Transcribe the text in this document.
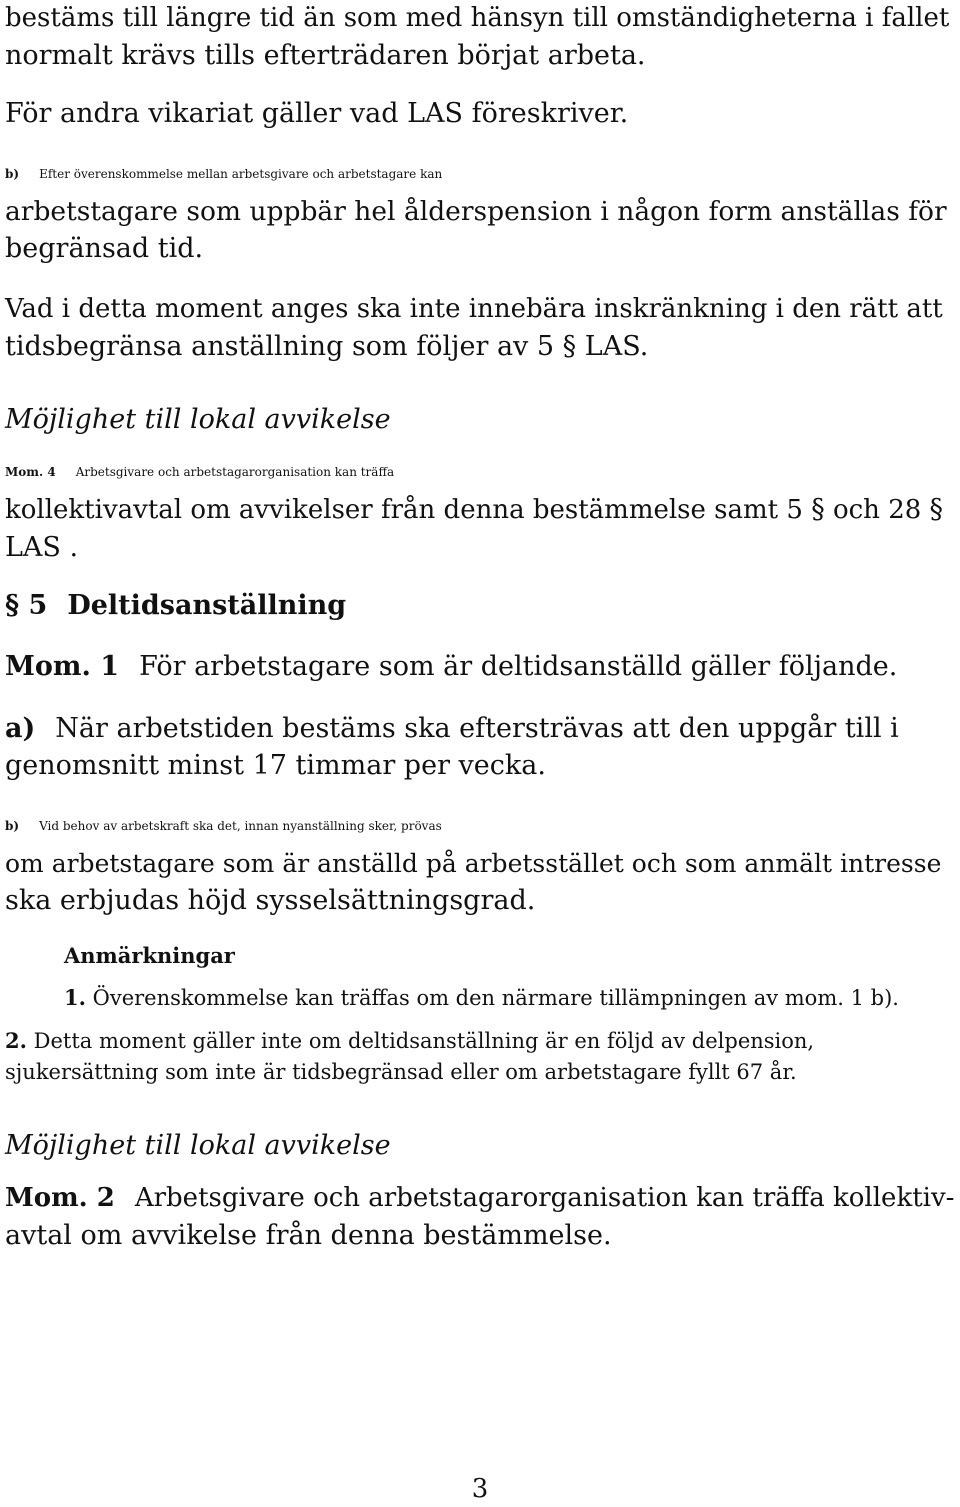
bestäms till längre tid än som med hänsyn till omständigheterna i fallet

normalt krävs tills efterträdaren börjat arbeta.

För andra vikariat gäller vad LAS föreskriver.

b) Efter överenskommelse mellan arbetsgivare och arbetstagare kan

arbetstagare som uppbär hel ålderspension i någon form anställas för

begränsad tid.

Vad i detta moment anges ska inte innebära inskränkning i den rätt att

tidsbegränsa anställning som följer av 5 § LAS.

Möjlighet till lokal avvikelse

Mom. 4 Arbetsgivare och arbetstagarorganisation kan träffa

kollektivavtal om avvikelser från denna bestämmelse samt 5 § och 28 §

LAS .

§ 5 Deltidsanställning

Mom. 1 För arbetstagare som är deltidsanställd gäller följande.

a) När arbetstiden bestäms ska eftersträvas att den uppgår till i

genomsnitt minst 17 timmar per vecka.

b) Vid behov av arbetskraft ska det, innan nyanställning sker, prövas

om arbetstagare som är anställd på arbetsstället och som anmält intresse

ska erbjudas höjd sysselsättningsgrad.

Anmärkningar

1. Överenskommelse kan träffas om den närmare tillämpningen av mom. 1 b).

2. Detta moment gäller inte om deltidsanställning är en följd av delpension,

sjukersättning som inte är tidsbegränsad eller om arbetstagare fyllt 67 år.

Möjlighet till lokal avvikelse

Mom. 2 Arbetsgivare och arbetstagarorganisation kan träffa kollektiv-

avtal om avvikelse från denna bestämmelse.

3
